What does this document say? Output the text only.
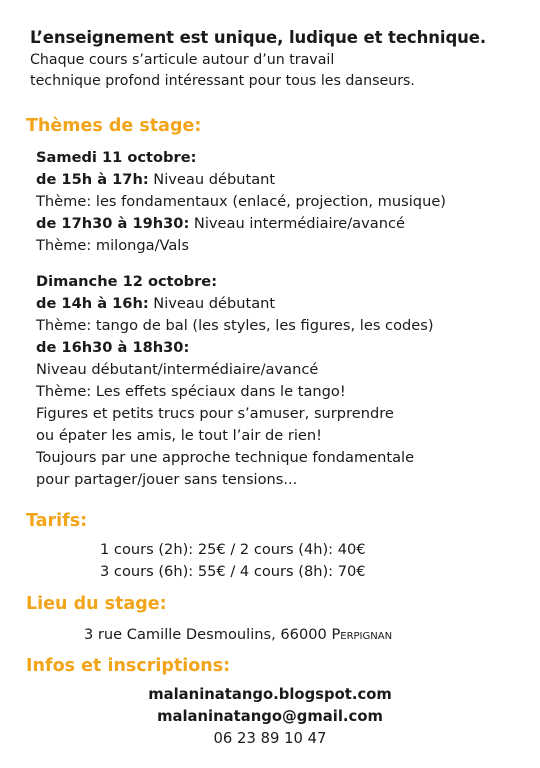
L’enseignement est unique, ludique et technique.
Chaque cours s’articule autour d’un travail
technique profond intéressant pour tous les danseurs.
Thèmes de stage:
Samedi 11 octobre:
de 15h à 17h: Niveau débutant
Thème: les fondamentaux (enlacé, projection, musique)
de 17h30 à 19h30: Niveau intermédiaire/avancé
Thème: milonga/Vals
Dimanche 12 octobre:
de 14h à 16h: Niveau débutant
Thème: tango de bal (les styles, les figures, les codes)
de 16h30 à 18h30:
Niveau débutant/intermédiaire/avancé
Thème: Les effets spéciaux dans le tango!
Figures et petits trucs pour s’amuser, surprendre
ou épater les amis, le tout l’air de rien!
Toujours par une approche technique fondamentale
pour partager/jouer sans tensions...
Tarifs:
1 cours (2h): 25€ / 2 cours (4h): 40€
3 cours (6h): 55€ / 4 cours (8h): 70€
Lieu du stage:
3 rue Camille Desmoulins, 66000 Perpignan
Infos et inscriptions:
malaninatango.blogspot.com
malaninatango@gmail.com
06 23 89 10 47
